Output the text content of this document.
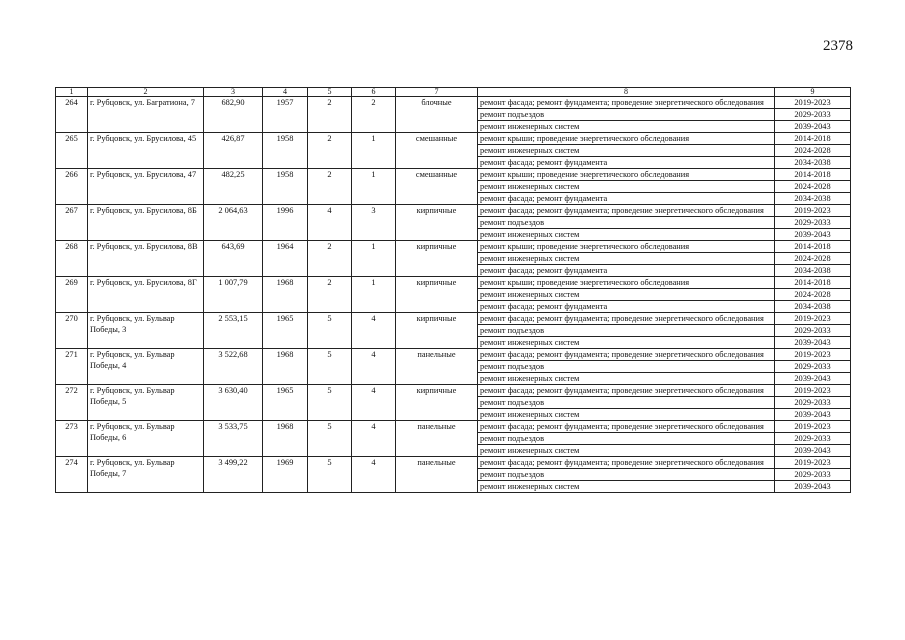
2378
1	2	3	4	5	6	7	8	9
264	г. Рубцовск, ул. Багратиона, 7	682,90	1957	2	2	блочные	ремонт фасада; ремонт фундамента; проведение энергетического обследования	2019-2023
							ремонт подъездов	2029-2033
							ремонт инженерных систем	2039-2043
265	г. Рубцовск, ул. Брусилова, 45	426,87	1958	2	1	смешанные	ремонт крыши; проведение энергетического обследования	2014-2018
							ремонт инженерных систем	2024-2028
							ремонт фасада; ремонт фундамента	2034-2038
266	г. Рубцовск, ул. Брусилова, 47	482,25	1958	2	1	смешанные	ремонт крыши; проведение энергетического обследования	2014-2018
							ремонт инженерных систем	2024-2028
							ремонт фасада; ремонт фундамента	2034-2038
267	г. Рубцовск, ул. Брусилова, 8Б	2 064,63	1996	4	3	кирпичные	ремонт фасада; ремонт фундамента; проведение энергетического обследования	2019-2023
							ремонт подъездов	2029-2033
							ремонт инженерных систем	2039-2043
268	г. Рубцовск, ул. Брусилова, 8В	643,69	1964	2	1	кирпичные	ремонт крыши; проведение энергетического обследования	2014-2018
							ремонт инженерных систем	2024-2028
							ремонт фасада; ремонт фундамента	2034-2038
269	г. Рубцовск, ул. Брусилова, 8Г	1 007,79	1968	2	1	кирпичные	ремонт крыши; проведение энергетического обследования	2014-2018
							ремонт инженерных систем	2024-2028
							ремонт фасада; ремонт фундамента	2034-2038
270	г. Рубцовск, ул. Бульвар Победы, 3	2 553,15	1965	5	4	кирпичные	ремонт фасада; ремонт фундамента; проведение энергетического обследования	2019-2023
							ремонт подъездов	2029-2033
							ремонт инженерных систем	2039-2043
271	г. Рубцовск, ул. Бульвар Победы, 4	3 522,68	1968	5	4	панельные	ремонт фасада; ремонт фундамента; проведение энергетического обследования	2019-2023
							ремонт подъездов	2029-2033
							ремонт инженерных систем	2039-2043
272	г. Рубцовск, ул. Бульвар Победы, 5	3 630,40	1965	5	4	кирпичные	ремонт фасада; ремонт фундамента; проведение энергетического обследования	2019-2023
							ремонт подъездов	2029-2033
							ремонт инженерных систем	2039-2043
273	г. Рубцовск, ул. Бульвар Победы, 6	3 533,75	1968	5	4	панельные	ремонт фасада; ремонт фундамента; проведение энергетического обследования	2019-2023
							ремонт подъездов	2029-2033
							ремонт инженерных систем	2039-2043
274	г. Рубцовск, ул. Бульвар Победы, 7	3 499,22	1969	5	4	панельные	ремонт фасада; ремонт фундамента; проведение энергетического обследования	2019-2023
							ремонт подъездов	2029-2033
							ремонт инженерных систем	2039-2043
